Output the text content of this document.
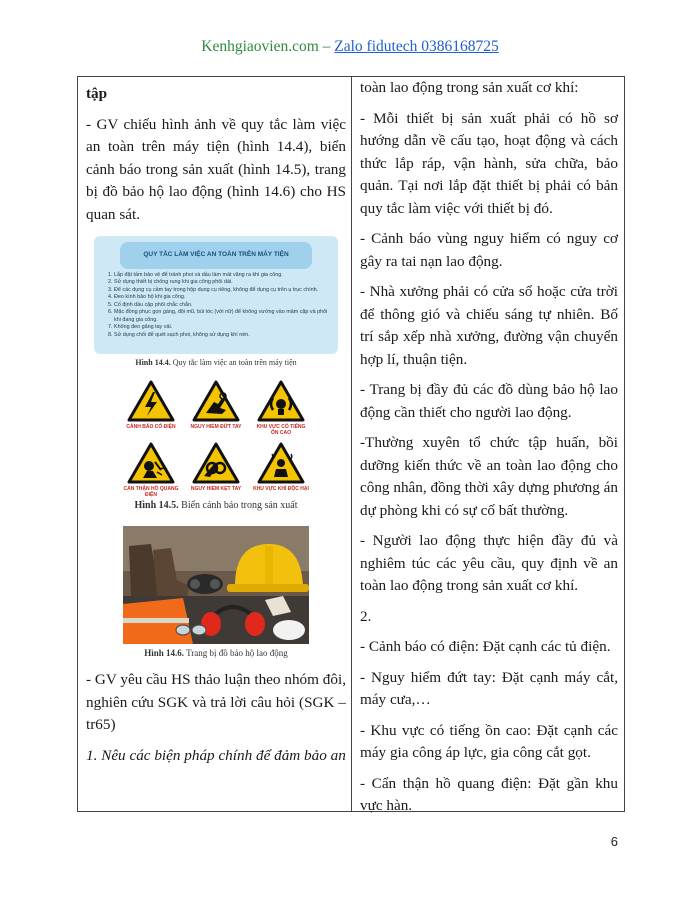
Kenhgiaovien.com – Zalo fidutech 0386168725

tập

- GV chiếu hình ảnh về quy tắc làm việc an toàn trên máy tiện (hình 14.4), biển cảnh báo trong sản xuất (hình 14.5), trang bị đồ bảo hộ lao động (hình 14.6) cho HS quan sát.

QUY TẮC LÀM VIỆC AN TOÀN TRÊN MÁY TIỆN
1. Lắp đặt tấm bảo vệ để tránh phoi và dầu làm mát văng ra khi gia công.
2. Sử dụng thiết bị chống rung khi gia công phôi dài.
3. Để các dụng cụ cầm tay trong hộp dụng cụ riêng, không để dụng cụ trên ụ trục chính.
4. Đeo kính bảo hộ khi gia công.
5. Cố định dầu cặp phôi chắc chắn.
6. Mặc đồng phục gọn gàng, đội mũ, búi tóc (với nữ) để không vướng vào mâm cặp và phôi khi đang gia công.
7. Không đeo găng tay vải.
8. Sử dụng chổi để quét sạch phoi, không sử dụng khí nén.
Hình 14.4. Quy tắc làm việc an toàn trên máy tiện
CẢNH BÁO CÓ ĐIỆN	NGUY HIỂM ĐỨT TAY	KHU VỰC CÓ TIẾNG ỒN CAO
CẨN THẬN HỒ QUANG ĐIỆN
NGUY HIỂM KẸT TAY	KHU VỰC KHÍ ĐỘC HẠI
Hình 14.5. Biển cảnh báo trong sản xuất
Hình 14.6. Trang bị đồ bảo hộ lao động

- GV yêu cầu HS thảo luận theo nhóm đôi, nghiên cứu SGK và trả lời câu hỏi (SGK – tr65)

1. Nêu các biện pháp chính để đảm bảo an

toàn lao động trong sản xuất cơ khí:

- Mỗi thiết bị sản xuất phải có hồ sơ hướng dẫn về cấu tạo, hoạt động và cách thức lắp ráp, vận hành, sửa chữa, bảo quản. Tại nơi lắp đặt thiết bị phải có bản quy tắc làm việc với thiết bị đó.

- Cảnh báo vùng nguy hiểm có nguy cơ gây ra tai nạn lao động.

- Nhà xưởng phải có cửa sổ hoặc cửa trời để thông gió và chiếu sáng tự nhiên. Bố trí sắp xếp nhà xưởng, đường vận chuyển hợp lí, thuận tiện.

- Trang bị đầy đủ các đồ dùng bảo hộ lao động cần thiết cho người lao động.

-Thường xuyên tổ chức tập huấn, bồi dưỡng kiến thức về an toàn lao động cho công nhân, đồng thời xây dựng phương án dự phòng khi có sự cố bất thường.

- Người lao động thực hiện đầy đủ và nghiêm túc các yêu cầu, quy định về an toàn lao động trong sản xuất cơ khí.

2.

- Cảnh báo có điện: Đặt cạnh các tủ điện.

- Nguy hiểm đứt tay: Đặt cạnh máy cắt, máy cưa,…

- Khu vực có tiếng ồn cao: Đặt cạnh các máy gia công áp lực, gia công cắt gọt.

- Cẩn thận hồ quang điện: Đặt gần khu vực hàn.

6
